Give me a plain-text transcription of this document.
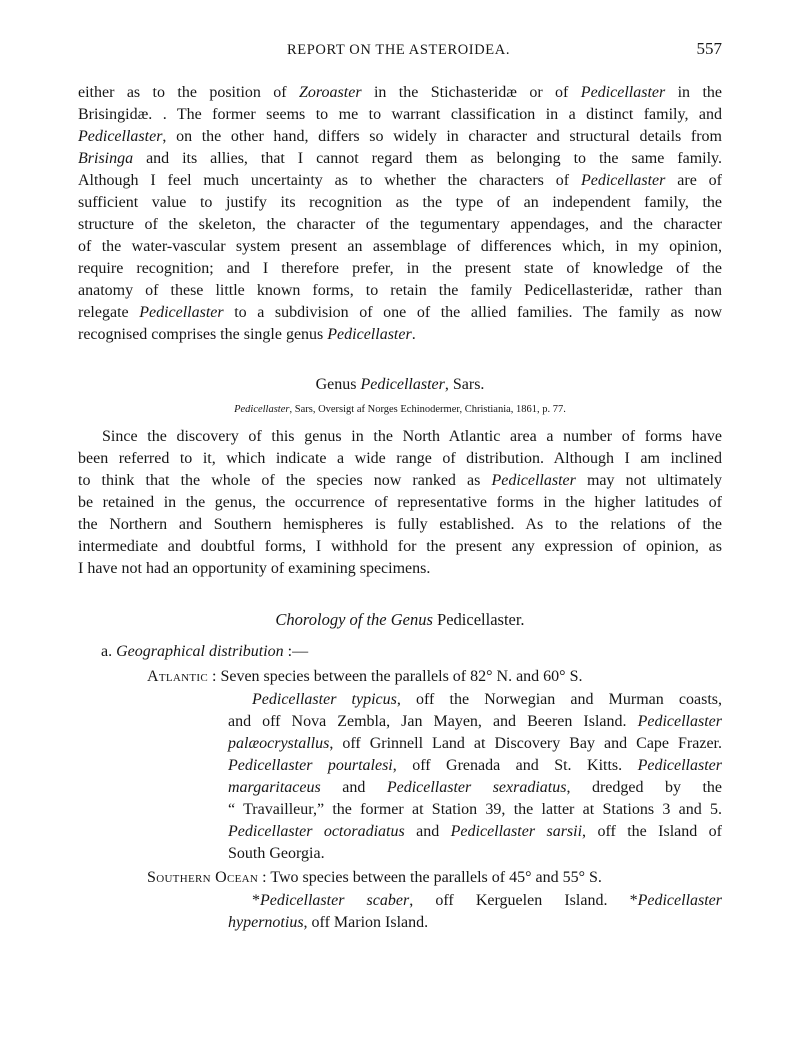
REPORT ON THE ASTEROIDEA.	557
either as to the position of Zoroaster in the Stichasteridæ or of Pedicellaster in the
Brisingidæ. . The former seems to me to warrant classification in a distinct family, and
Pedicellaster, on the other hand, differs so widely in character and structural details from
Brisinga and its allies, that I cannot regard them as belonging to the same family.
Although I feel much uncertainty as to whether the characters of Pedicellaster are of
sufficient value to justify its recognition as the type of an independent family, the
structure of the skeleton, the character of the tegumentary appendages, and the character
of the water-vascular system present an assemblage of differences which, in my opinion,
require recognition; and I therefore prefer, in the present state of knowledge of the
anatomy of these little known forms, to retain the family Pedicellasteridæ, rather than
relegate Pedicellaster to a subdivision of one of the allied families. The family as now
recognised comprises the single genus Pedicellaster.

Genus Pedicellaster, Sars.

Pedicellaster, Sars, Oversigt af Norges Echinodermer, Christiania, 1861, p. 77.

Since the discovery of this genus in the North Atlantic area a number of forms have
been referred to it, which indicate a wide range of distribution. Although I am inclined
to think that the whole of the species now ranked as Pedicellaster may not ultimately
be retained in the genus, the occurrence of representative forms in the higher latitudes of
the Northern and Southern hemispheres is fully established. As to the relations of the
intermediate and doubtful forms, I withhold for the present any expression of opinion, as
I have not had an opportunity of examining specimens.

Chorology of the Genus Pedicellaster.

a. Geographical distribution :—

Atlantic : Seven species between the parallels of 82° N. and 60° S.
Pedicellaster typicus, off the Norwegian and Murman coasts,
and off Nova Zembla, Jan Mayen, and Beeren Island. Pedicellaster
palæocrystallus, off Grinnell Land at Discovery Bay and Cape Frazer.
Pedicellaster pourtalesi, off Grenada and St. Kitts. Pedicellaster
margaritaceus and Pedicellaster sexradiatus, dredged by the
“ Travailleur,” the former at Station 39, the latter at Stations 3 and 5.
Pedicellaster octoradiatus and Pedicellaster sarsii, off the Island of
South Georgia.
Southern Ocean : Two species between the parallels of 45° and 55° S.
*Pedicellaster scaber, off Kerguelen Island. *Pedicellaster
hypernotius, off Marion Island.
